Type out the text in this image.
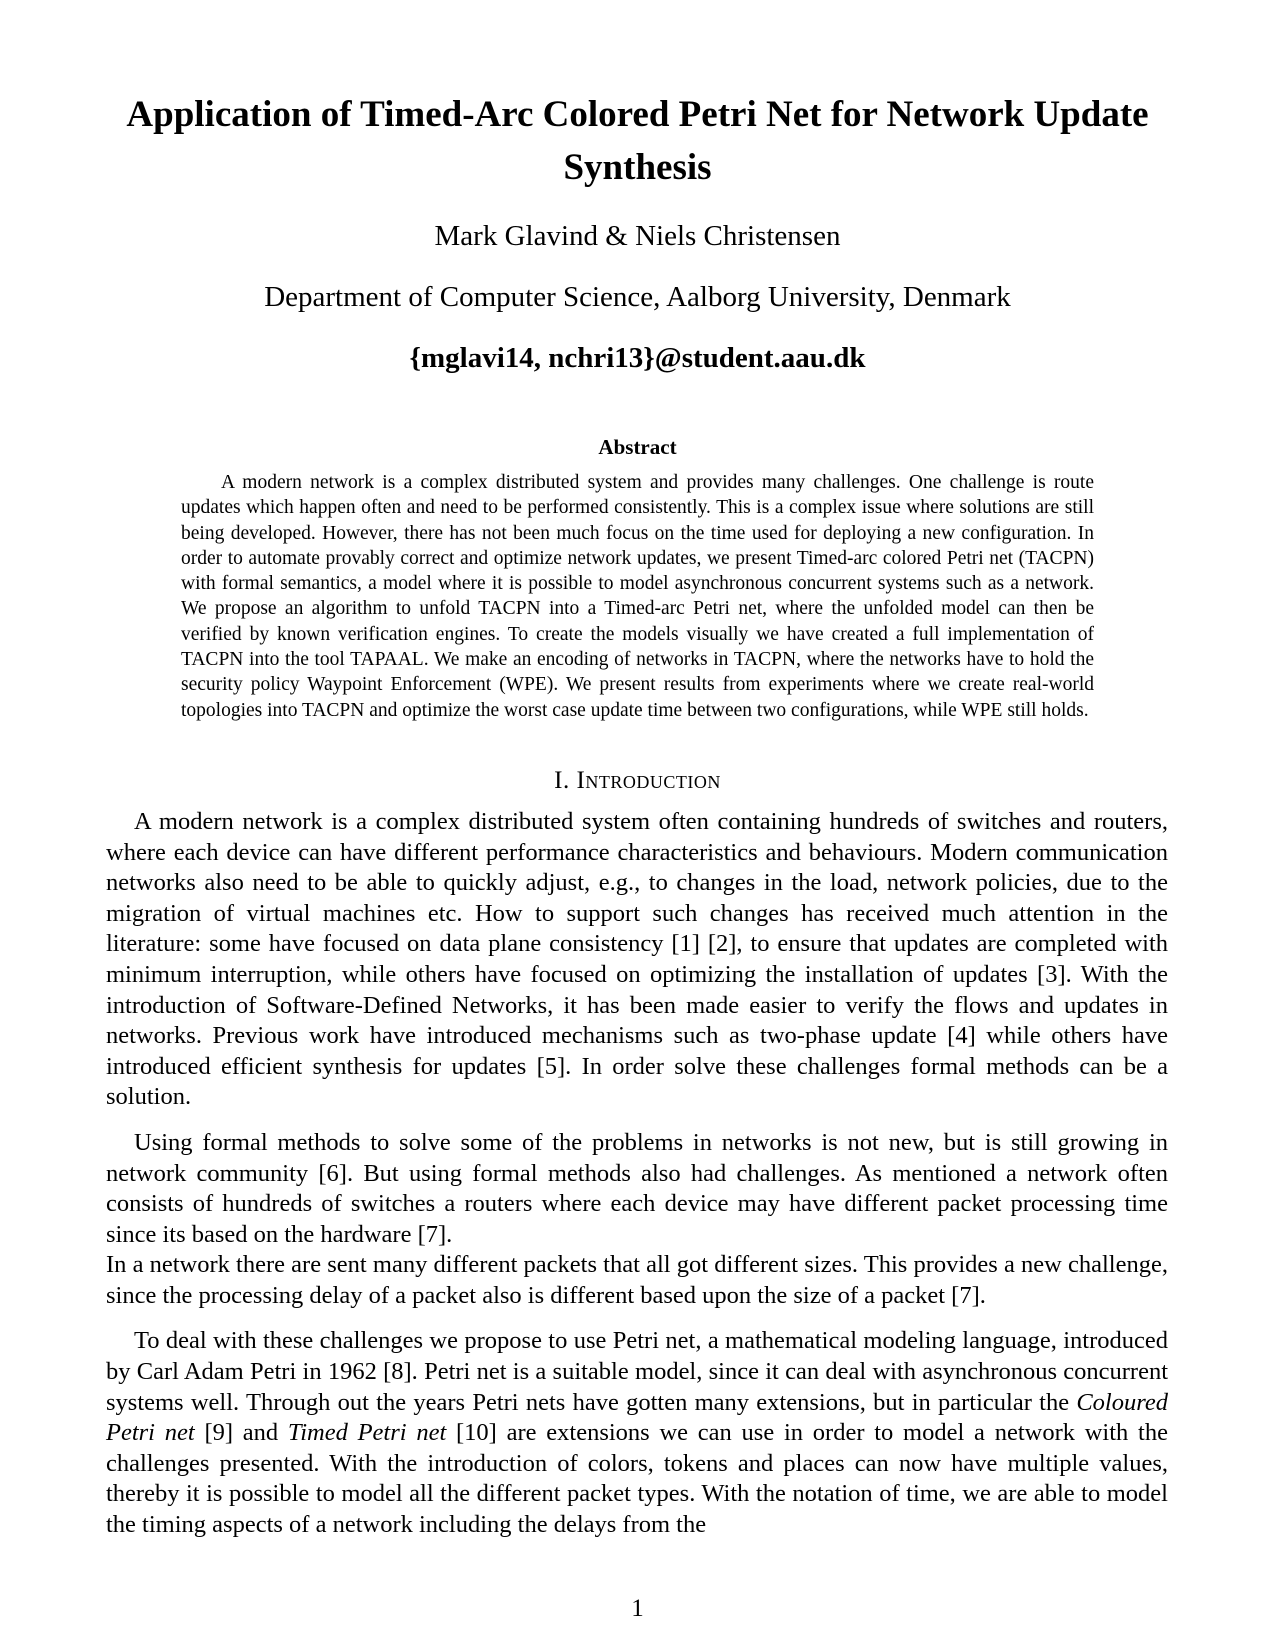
Application of Timed-Arc Colored Petri Net for Network Update Synthesis
Mark Glavind & Niels Christensen
Department of Computer Science, Aalborg University, Denmark
{mglavi14, nchri13}@student.aau.dk
Abstract

A modern network is a complex distributed system and provides many challenges. One challenge is route updates which happen often and need to be performed consistently. This is a complex issue where solutions are still being developed. However, there has not been much focus on the time used for deploying a new configuration. In order to automate provably correct and optimize network updates, we present Timed-arc colored Petri net (TACPN) with formal semantics, a model where it is possible to model asynchronous concurrent systems such as a network. We propose an algorithm to unfold TACPN into a Timed-arc Petri net, where the unfolded model can then be verified by known verification engines. To create the models visually we have created a full implementation of TACPN into the tool TAPAAL. We make an encoding of networks in TACPN, where the networks have to hold the security policy Waypoint Enforcement (WPE). We present results from experiments where we create real-world topologies into TACPN and optimize the worst case update time between two configurations, while WPE still holds.

I. Introduction

A modern network is a complex distributed system often containing hundreds of switches and routers, where each device can have different performance characteristics and behaviours. Modern communication networks also need to be able to quickly adjust, e.g., to changes in the load, network policies, due to the migration of virtual machines etc. How to support such changes has received much attention in the literature: some have focused on data plane consistency [1] [2], to ensure that updates are completed with minimum interruption, while others have focused on optimizing the installation of updates [3]. With the introduction of Software-Defined Networks, it has been made easier to verify the flows and updates in networks. Previous work have introduced mechanisms such as two-phase update [4] while others have introduced efficient synthesis for updates [5]. In order solve these challenges formal methods can be a solution.

Using formal methods to solve some of the problems in networks is not new, but is still growing in network community [6]. But using formal methods also had challenges. As mentioned a network often consists of hundreds of switches a routers where each device may have different packet processing time since its based on the hardware [7].

In a network there are sent many different packets that all got different sizes. This provides a new challenge, since the processing delay of a packet also is different based upon the size of a packet [7].

To deal with these challenges we propose to use Petri net, a mathematical modeling language, introduced by Carl Adam Petri in 1962 [8]. Petri net is a suitable model, since it can deal with asynchronous concurrent systems well. Through out the years Petri nets have gotten many extensions, but in particular the Coloured Petri net [9] and Timed Petri net [10] are extensions we can use in order to model a network with the challenges presented. With the introduction of colors, tokens and places can now have multiple values, thereby it is possible to model all the different packet types. With the notation of time, we are able to model the timing aspects of a network including the delays from the

1
